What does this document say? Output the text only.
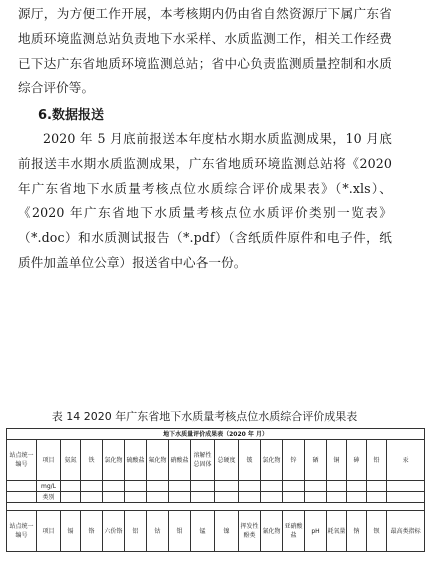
源厅，为方便工作开展，本考核期内仍由省自然资源厅下属广东省地质环境监测总站负责地下水采样、水质监测工作，相关工作经费已下达广东省地质环境监测总站；省中心负责监测质量控制和水质综合评价等。

6.数据报送

2020 年 5 月底前报送本年度枯水期水质监测成果，10 月底前报送丰水期水质监测成果，广东省地质环境监测总站将《2020年广东省地下水质量考核点位水质综合评价成果表》（*.xls）、《2020 年广东省地下水质量考核点位水质评价类别一览表》（*.doc）和水质测试报告（*.pdf）（含纸质件原件和电子件，纸质件加盖单位公章）报送省中心各一份。

表 14 2020 年广东省地下水质量考核点位水质综合评价成果表

地下水质量评价成果表（2020 年 月）																	
站点统一编号	项目	氨氮	铁	氯化物	硫酸盐	氟化物	硝酸盐	溶解性总固体	总硬度	铍	氯化物	锌	硒	铜	砷	铅	汞
	mg/L																
	类别																

站点统一编号	项目	镉	铬	六价铬	铝	钴	钼	锰	镍	挥发性酚类	氰化物	亚硝酸盐	pH	耗氧量	钠	钡	最高类指标
